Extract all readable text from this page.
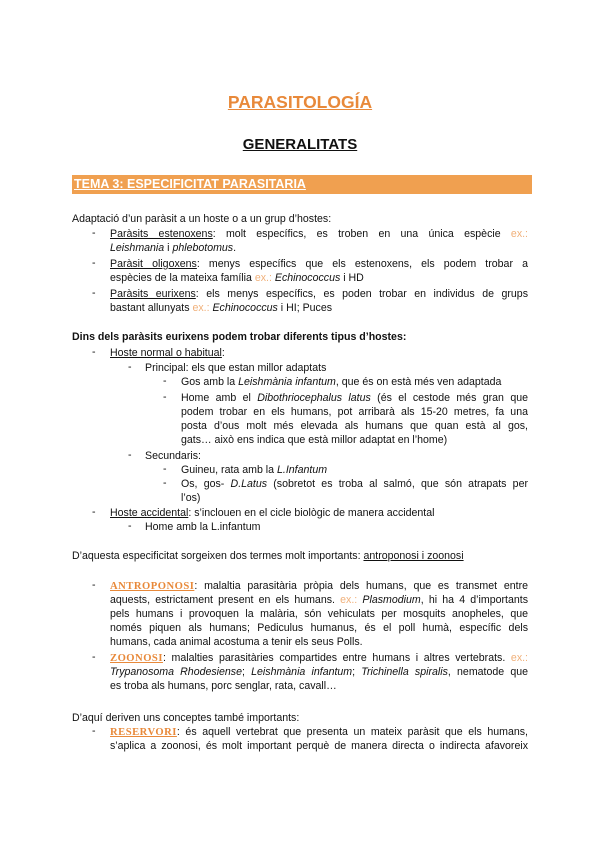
PARASITOLOGÍA
GENERALITATS
TEMA 3: ESPECIFICITAT PARASITARIA
Adaptació d’un paràsit a un hoste o a un grup d’hostes:
- Paràsits estenoxens: molt específics, es troben en una única espècie ex.:
Leishmania i phlebotomus.
- Paràsit oligoxens: menys específics que els estenoxens, els podem trobar a
espècies de la mateixa família ex.: Echinococcus i HD
- Paràsits eurixens: els menys específics, es poden trobar en individus de grups
bastant allunyats ex.: Echinococcus i HI; Puces
Dins dels paràsits eurixens podem trobar diferents tipus d’hostes:
- Hoste normal o habitual:
- Principal: els que estan millor adaptats
- Gos amb la Leishmània infantum, que és on està més ven adaptada
- Home amb el Dibothriocephalus latus (és el cestode més gran que
podem trobar en els humans, pot arribarà als 15-20 metres, fa una
posta d’ous molt més elevada als humans que quan està al gos,
gats… això ens indica que està millor adaptat en l’home)
- Secundaris:
- Guineu, rata amb la L.Infantum
- Os, gos- D.Latus (sobretot es troba al salmó, que són atrapats per
l’os)
- Hoste accidental: s’inclouen en el cicle biològic de manera accidental
- Home amb la L.infantum
D’aquesta especificitat sorgeixen dos termes molt importants: antroponosi i zoonosi
- ANTROPONOSI: malaltia parasitària pròpia dels humans, que es transmet entre
aquests, estrictament present en els humans. ex.: Plasmodium, hi ha 4 d’importants
pels humans i provoquen la malària, són vehiculats per mosquits anopheles, que
només piquen als humans; Pediculus humanus, és el poll humà, específic dels
humans, cada animal acostuma a tenir els seus Polls.
- ZOONOSI: malalties parasitàries compartides entre humans i altres vertebrats. ex.:
Trypanosoma Rhodesiense; Leishmània infantum; Trichinella spiralis, nematode que
es troba als humans, porc senglar, rata, cavall…
D’aquí deriven uns conceptes també importants:
- RESERVORI: és aquell vertebrat que presenta un mateix paràsit que els humans,
s’aplica a zoonosi, és molt important perquè de manera directa o indirecta afavoreix
